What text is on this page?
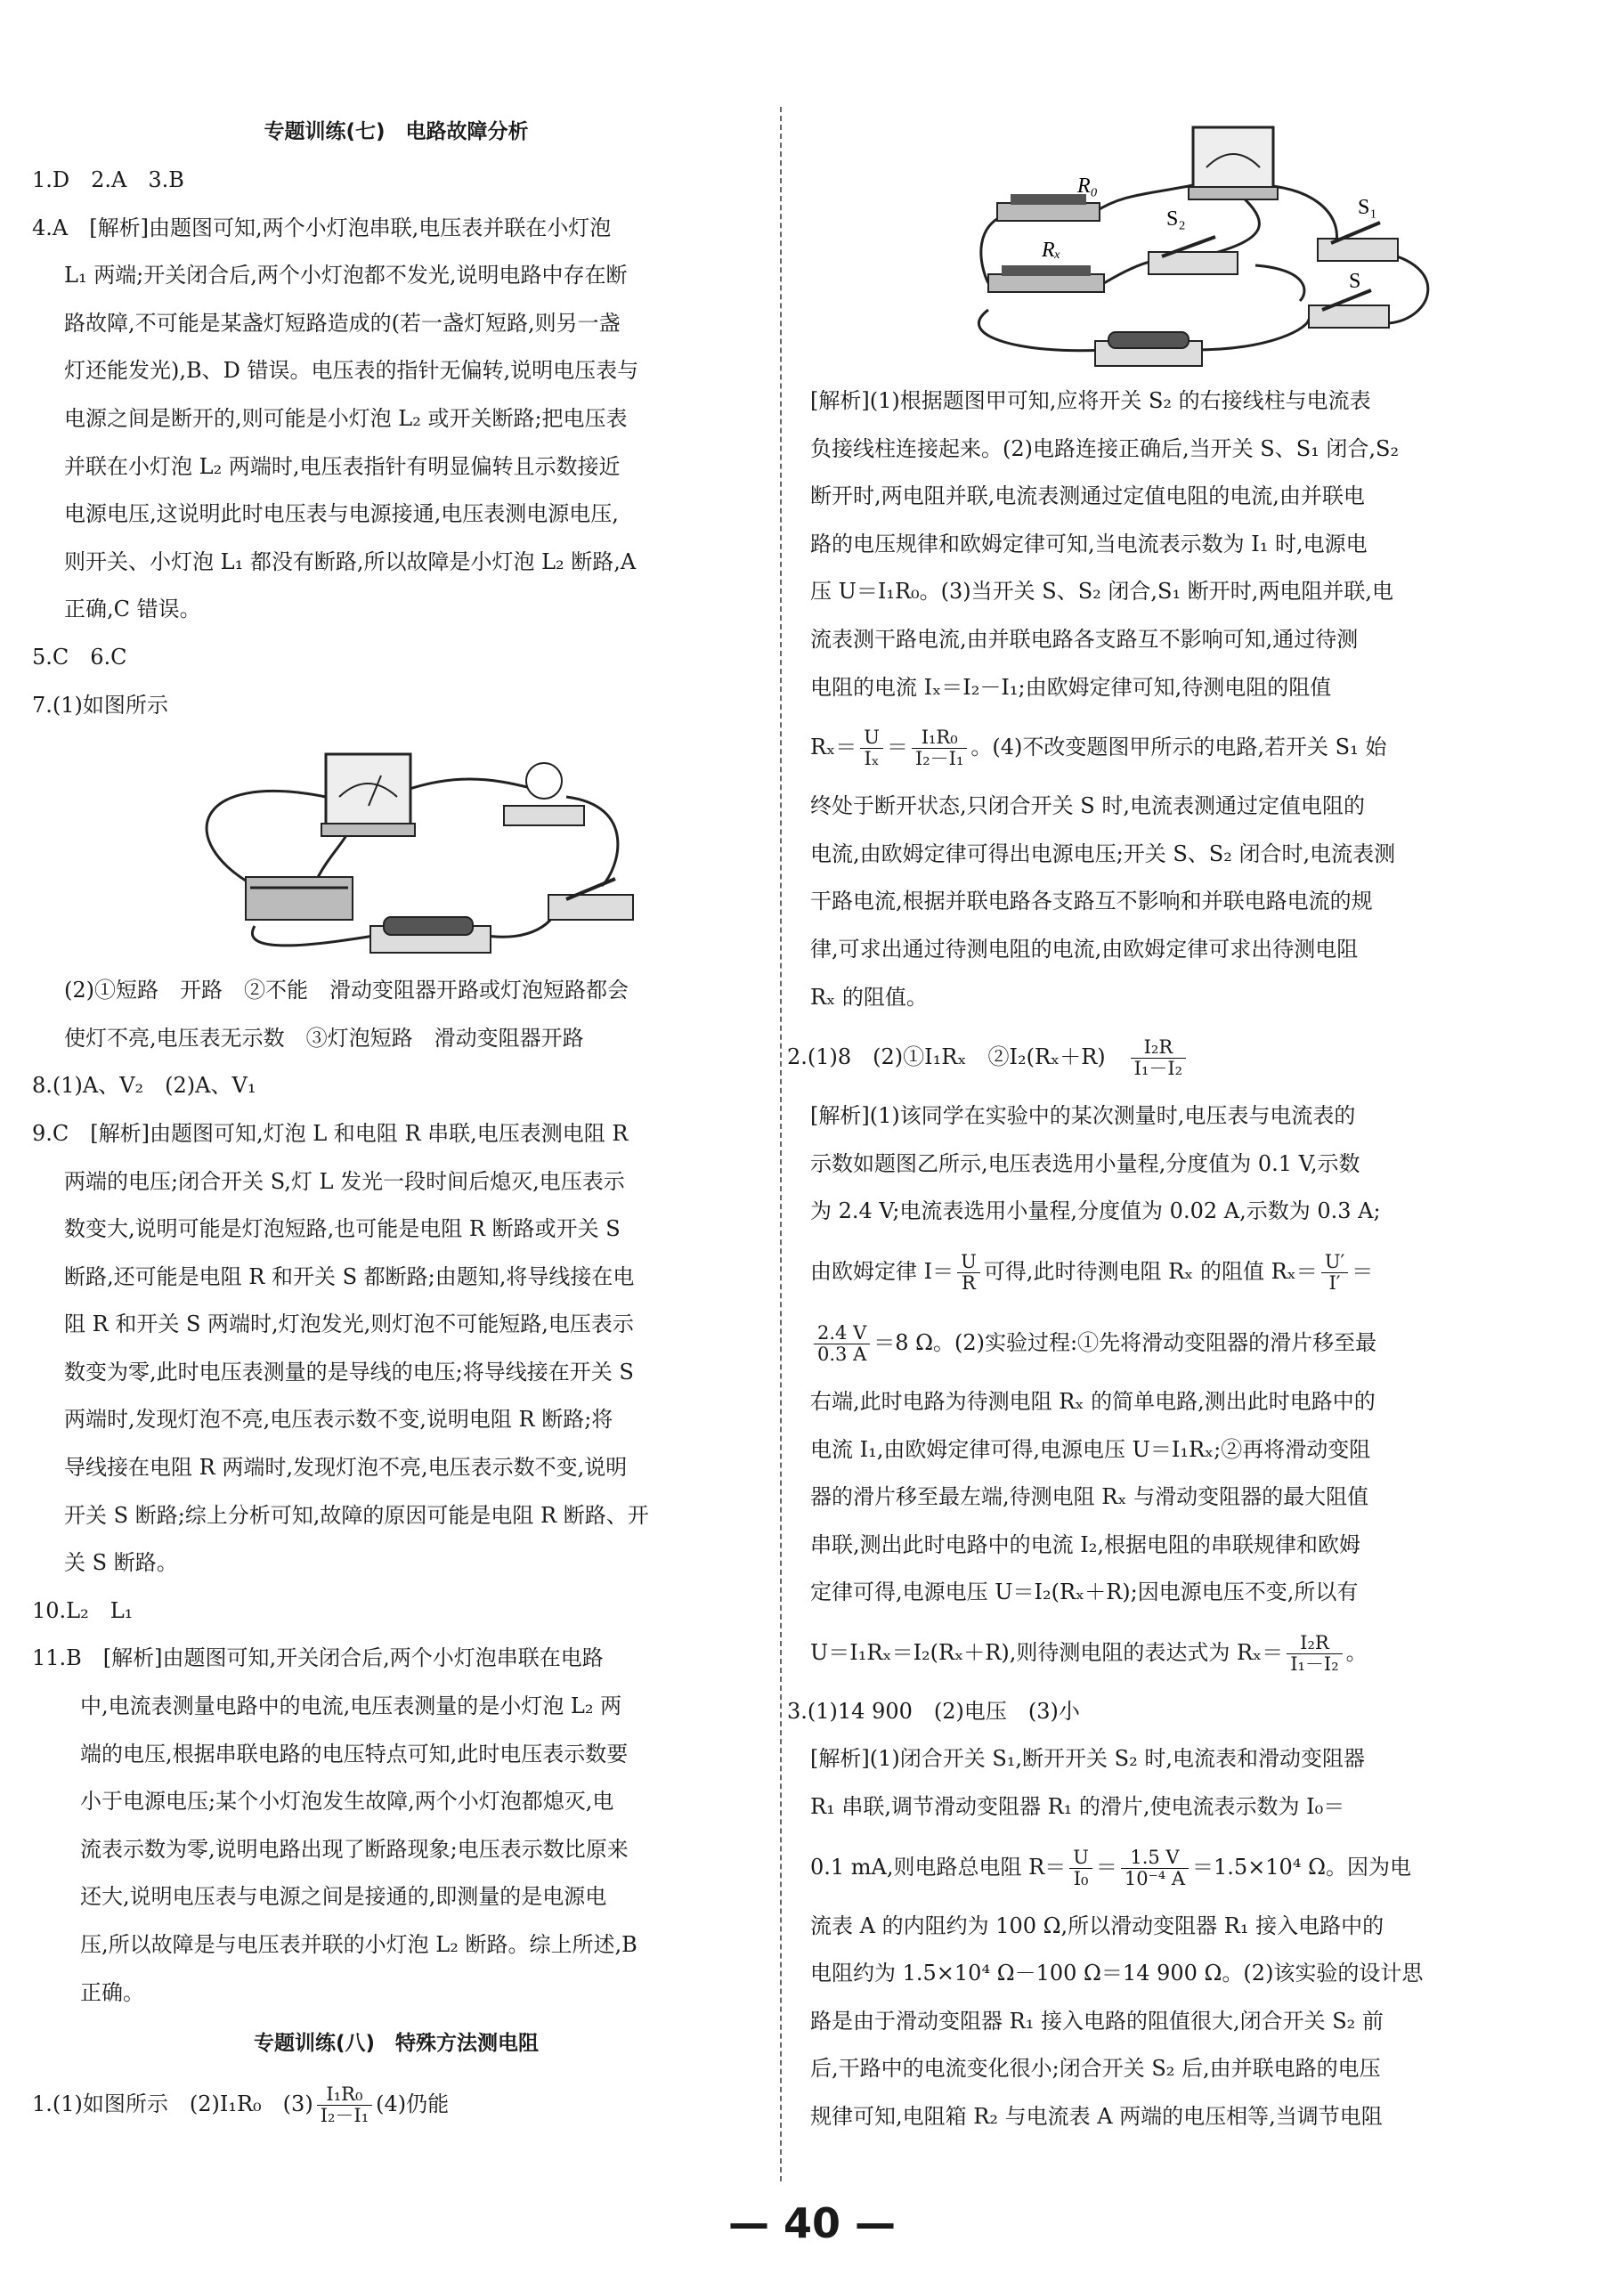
专题训练(七)　电路故障分析
1.D　2.A　3.B
4.A　[解析]由题图可知,两个小灯泡串联,电压表并联在小灯泡
L₁ 两端;开关闭合后,两个小灯泡都不发光,说明电路中存在断
路故障,不可能是某盏灯短路造成的(若一盏灯短路,则另一盏
灯还能发光),B、D 错误。电压表的指针无偏转,说明电压表与
电源之间是断开的,则可能是小灯泡 L₂ 或开关断路;把电压表
并联在小灯泡 L₂ 两端时,电压表指针有明显偏转且示数接近
电源电压,这说明此时电压表与电源接通,电压表测电源电压,
则开关、小灯泡 L₁ 都没有断路,所以故障是小灯泡 L₂ 断路,A
正确,C 错误。
5.C　6.C
7.(1)如图所示
(2)①短路　开路　②不能　滑动变阻器开路或灯泡短路都会
使灯不亮,电压表无示数　③灯泡短路　滑动变阻器开路
8.(1)A、V₂　(2)A、V₁
9.C　[解析]由题图可知,灯泡 L 和电阻 R 串联,电压表测电阻 R
两端的电压;闭合开关 S,灯 L 发光一段时间后熄灭,电压表示
数变大,说明可能是灯泡短路,也可能是电阻 R 断路或开关 S
断路,还可能是电阻 R 和开关 S 都断路;由题知,将导线接在电
阻 R 和开关 S 两端时,灯泡发光,则灯泡不可能短路,电压表示
数变为零,此时电压表测量的是导线的电压;将导线接在开关 S
两端时,发现灯泡不亮,电压表示数不变,说明电阻 R 断路;将
导线接在电阻 R 两端时,发现灯泡不亮,电压表示数不变,说明
开关 S 断路;综上分析可知,故障的原因可能是电阻 R 断路、开
关 S 断路。
10.L₂　L₁
11.B　[解析]由题图可知,开关闭合后,两个小灯泡串联在电路
中,电流表测量电路中的电流,电压表测量的是小灯泡 L₂ 两
端的电压,根据串联电路的电压特点可知,此时电压表示数要
小于电源电压;某个小灯泡发生故障,两个小灯泡都熄灭,电
流表示数为零,说明电路出现了断路现象;电压表示数比原来
还大,说明电压表与电源之间是接通的,即测量的是电源电
压,所以故障是与电压表并联的小灯泡 L₂ 断路。综上所述,B
正确。
专题训练(八)　特殊方法测电阻
1.(1)如图所示　(2)I₁R₀　$(3) \frac{\text{I₁R₀}}{\text{I₂－I₁}} (4)$仍能
R₀
Rₓ
S₂	S₁
S
[解析](1)根据题图甲可知,应将开关 S₂ 的右接线柱与电流表
负接线柱连接起来。(2)电路连接正确后,当开关 S、S₁ 闭合,S₂
断开时,两电阻并联,电流表测通过定值电阻的电流,由并联电
路的电压规律和欧姆定律可知,当电流表示数为 I₁ 时,电源电
压 U＝I₁R₀。(3)当开关 S、S₂ 闭合,S₁ 断开时,两电阻并联,电
流表测干路电流,由并联电路各支路互不影响可知,通过待测
电阻的电流 Iₓ＝I₂－I₁;由欧姆定律可知,待测电阻的阻值
$R_x= \frac{U}{\text{Iₓ}} = \frac{\text{I₁R₀}}{\text{I₂－I₁}}$ 。(4)不改变题图甲所示的电路,若开关 S₁ 始
终处于断开状态,只闭合开关 S 时,电流表测通过定值电阻的
电流,由欧姆定律可得出电源电压;开关 S、S₂ 闭合时,电流表测
干路电流,根据并联电路各支路互不影响和并联电路电流的规
律,可求出通过待测电阻的电流,由欧姆定律可求出待测电阻
Rₓ 的阻值。
2.(1)8　(2)①I₁Rₓ　②I₂(Rₓ＋R)　 $\frac{\text{I₂R}}{\text{I₁－I₂}}$
[解析](1)该同学在实验中的某次测量时,电压表与电流表的
示数如题图乙所示,电压表选用小量程,分度值为 0.1 V,示数
为 2.4 V;电流表选用小量程,分度值为 0.02 A,示数为 0.3 A;
由欧姆定律 $I= \frac{U}{R}$ 可得,此时待测电阻 Rₓ 的阻值 $R_x= \frac{U'}{I'}$ ＝
$\frac{2.4 V}{0.3 A} =8$ Ω。(2)实验过程:①先将滑动变阻器的滑片移至最
右端,此时电路为待测电阻 Rₓ 的简单电路,测出此时电路中的
电流 I₁,由欧姆定律可得,电源电压 U＝I₁Rₓ;②再将滑动变阻
器的滑片移至最左端,待测电阻 Rₓ 与滑动变阻器的最大阻值
串联,测出此时电路中的电流 I₂,根据电阻的串联规律和欧姆
定律可得,电源电压 U＝I₂(Rₓ＋R);因电源电压不变,所以有
U＝I₁Rₓ＝I₂(Rₓ＋R),则待测电阻的表达式为 $R_x= \frac{\text{I₂R}}{\text{I₁－I₂}}$ 。
3.(1)14 900　(2)电压　(3)小
[解析](1)闭合开关 S₁,断开开关 S₂ 时,电流表和滑动变阻器
R₁ 串联,调节滑动变阻器 R₁ 的滑片,使电流表示数为 I₀＝
0.1 mA,则电路总电阻 $R= \frac{U}{\text{I₀}} = \frac{1.5 V}{\text{10⁻⁴ A}} =1.5\times 10^4$ Ω。因为电
流表 A 的内阻约为 100 Ω,所以滑动变阻器 R₁ 接入电路中的
电阻约为 1.5×10⁴ Ω－100 Ω＝14 900 Ω。(2)该实验的设计思
路是由于滑动变阻器 R₁ 接入电路的阻值很大,闭合开关 S₂ 前
后,干路中的电流变化很小;闭合开关 S₂ 后,由并联电路的电压
规律可知,电阻箱 R₂ 与电流表 A 两端的电压相等,当调节电阻
— 40 —
